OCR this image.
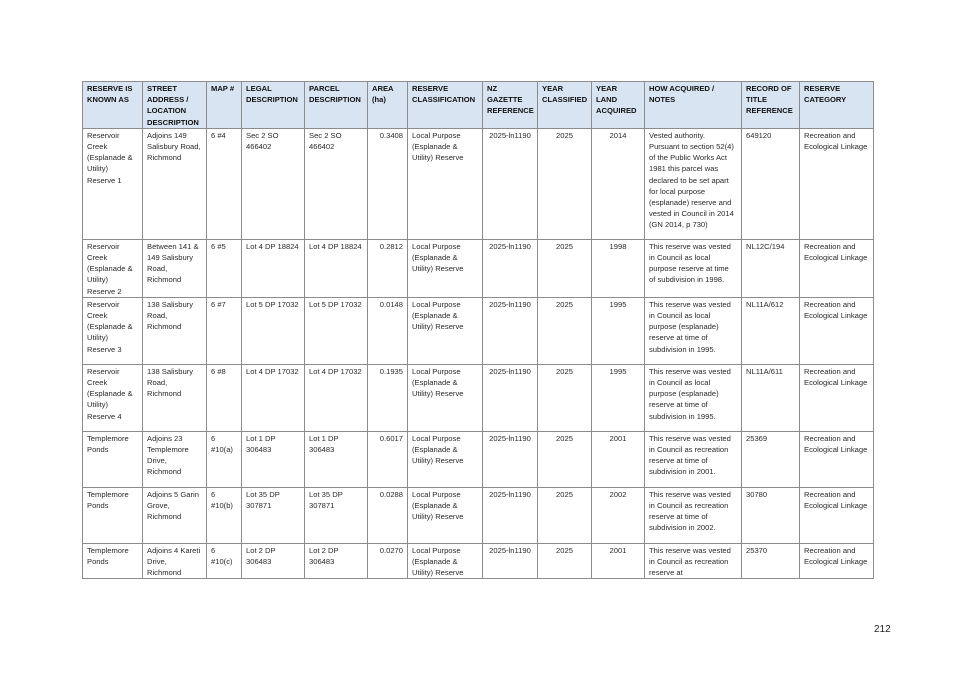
RESERVE IS KNOWN AS	STREET ADDRESS / LOCATION DESCRIPTION	MAP #	LEGAL DESCRIPTION	PARCEL DESCRIPTION	AREA (ha)	RESERVE CLASSIFICATION	NZ GAZETTE REFERENCE	YEAR CLASSIFIED	YEAR LAND ACQUIRED	HOW ACQUIRED / NOTES	RECORD OF TITLE REFERENCE	RESERVE CATEGORY
Reservoir Creek (Esplanade & Utility) Reserve 1	Adjoins 149 Salisbury Road, Richmond	6 #4	Sec 2 SO 466402	Sec 2 SO 466402	0.3408	Local Purpose (Esplanade & Utility) Reserve	2025-ln1190	2025	2014	Vested authority. Pursuant to section 52(4) of the Public Works Act 1981 this parcel was declared to be set apart for local purpose (esplanade) reserve and vested in Council in 2014 (GN 2014, p 730)	649120	Recreation and Ecological Linkage
Reservoir Creek (Esplanade & Utility) Reserve 2	Between 141 & 149 Salisbury Road, Richmond	6 #5	Lot 4 DP 18824	Lot 4 DP 18824	0.2812	Local Purpose (Esplanade & Utility) Reserve	2025-ln1190	2025	1998	This reserve was vested in Council as local purpose reserve at time of subdivision in 1998.	NL12C/194	Recreation and Ecological Linkage
Reservoir Creek (Esplanade & Utility) Reserve 3	138 Salisbury Road, Richmond	6 #7	Lot 5 DP 17032	Lot 5 DP 17032	0.0148	Local Purpose (Esplanade & Utility) Reserve	2025-ln1190	2025	1995	This reserve was vested in Council as local purpose (esplanade) reserve at time of subdivision in 1995.	NL11A/612	Recreation and Ecological Linkage
Reservoir Creek (Esplanade & Utility) Reserve 4	138 Salisbury Road, Richmond	6 #8	Lot 4 DP 17032	Lot 4 DP 17032	0.1935	Local Purpose (Esplanade & Utility) Reserve	2025-ln1190	2025	1995	This reserve was vested in Council as local purpose (esplanade) reserve at time of subdivision in 1995.	NL11A/611	Recreation and Ecological Linkage
Templemore Ponds	Adjoins 23 Templemore Drive, Richmond	6 #10(a)	Lot 1 DP 306483	Lot 1 DP 306483	0.6017	Local Purpose (Esplanade & Utility) Reserve	2025-ln1190	2025	2001	This reserve was vested in Council as recreation reserve at time of subdivision in 2001.	25369	Recreation and Ecological Linkage
Templemore Ponds	Adjoins 5 Garin Grove, Richmond	6 #10(b)	Lot 35 DP 307871	Lot 35 DP 307871	0.0288	Local Purpose (Esplanade & Utility) Reserve	2025-ln1190	2025	2002	This reserve was vested in Council as recreation reserve at time of subdivision in 2002.	30780	Recreation and Ecological Linkage
Templemore Ponds	Adjoins 4 Kareti Drive, Richmond	6 #10(c)	Lot 2 DP 306483	Lot 2 DP 306483	0.0270	Local Purpose (Esplanade & Utility) Reserve	2025-ln1190	2025	2001	This reserve was vested in Council as recreation reserve at	25370	Recreation and Ecological Linkage
212
